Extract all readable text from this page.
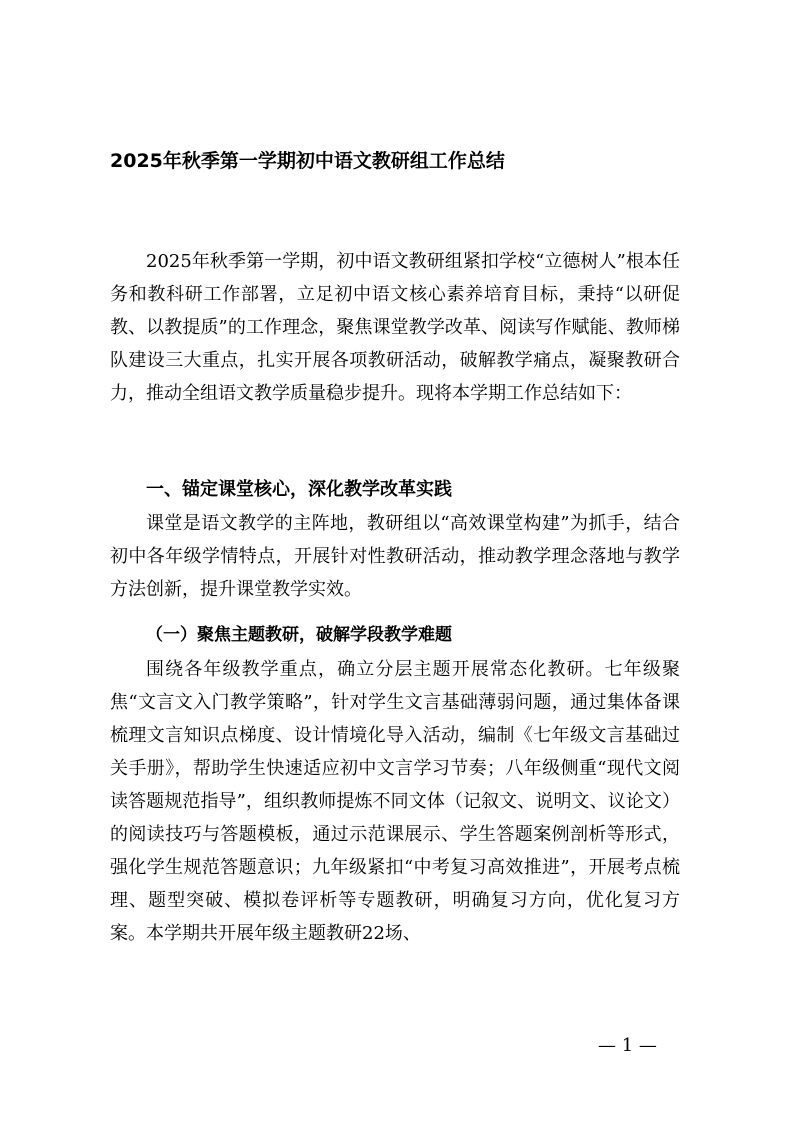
2025年秋季第一学期初中语文教研组工作总结

2025年秋季第一学期，初中语文教研组紧扣学校“立德树人”根本任务和教科研工作部署，立足初中语文核心素养培育目标，秉持“以研促教、以教提质”的工作理念，聚焦课堂教学改革、阅读写作赋能、教师梯队建设三大重点，扎实开展各项教研活动，破解教学痛点，凝聚教研合力，推动全组语文教学质量稳步提升。现将本学期工作总结如下：

一、锚定课堂核心，深化教学改革实践

课堂是语文教学的主阵地，教研组以“高效课堂构建”为抓手，结合初中各年级学情特点，开展针对性教研活动，推动教学理念落地与教学方法创新，提升课堂教学实效。

（一）聚焦主题教研，破解学段教学难题

围绕各年级教学重点，确立分层主题开展常态化教研。七年级聚焦“文言文入门教学策略”，针对学生文言基础薄弱问题，通过集体备课梳理文言知识点梯度、设计情境化导入活动，编制《七年级文言基础过关手册》，帮助学生快速适应初中文言学习节奏；八年级侧重“现代文阅读答题规范指导”，组织教师提炼不同文体（记叙文、说明文、议论文）的阅读技巧与答题模板，通过示范课展示、学生答题案例剖析等形式，强化学生规范答题意识；九年级紧扣“中考复习高效推进”，开展考点梳理、题型突破、模拟卷评析等专题教研，明确复习方向，优化复习方案。本学期共开展年级主题教研22场、

— 1 —
